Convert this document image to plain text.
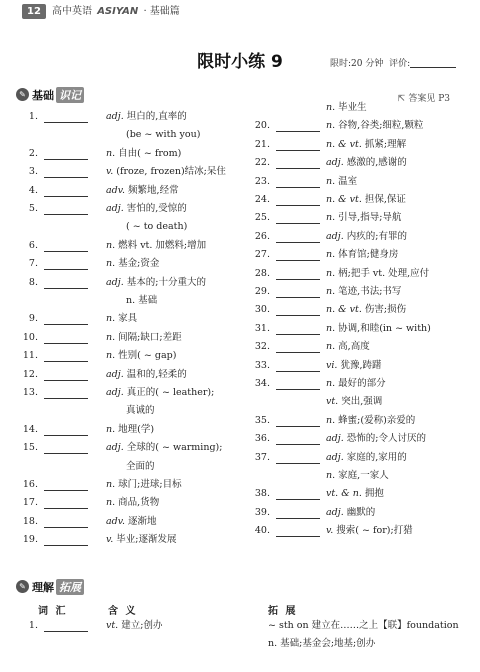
12	高中英语 ASIYAN · 基础篇
限时小练 9	限时:20 分钟 评价:
✎ 基础 识记	⇱ 答案见 P3
1.	adj. 坦白的,直率的
(be ~ with you)
2.	n. 自由( ~ from)
3.	v. (froze, frozen)结冰;呆住
4.	adv. 频繁地,经常
5.	adj. 害怕的,受惊的
( ~ to death)
6.	n. 燃料 vt. 加燃料;增加
7.	n. 基金;资金
8.	adj. 基本的;十分重大的
n. 基础
9.	n. 家具
10.	n. 间隔;缺口;差距
11.	n. 性别( ~ gap)
12.	adj. 温和的,轻柔的
13.	adj. 真正的( ~ leather);
真诚的
14.	n. 地理(学)
15.	adj. 全球的( ~ warming);
全面的
16.	n. 球门;进球;目标
17.	n. 商品,货物
18.	adv. 逐渐地
19.	v. 毕业;逐渐发展
n. 毕业生
20.	n. 谷物,谷类;细粒,颗粒
21.	n. & vt. 抓紧;理解
22.	adj. 感激的,感谢的
23.	n. 温室
24.	n. & vt. 担保,保证
25.	n. 引导,指导;导航
26.	adj. 内疚的;有罪的
27.	n. 体育馆;健身房
28.	n. 柄;把手 vt. 处理,应付
29.	n. 笔迹,书法;书写
30.	n. & vt. 伤害;损伤
31.	n. 协调,和睦(in ~ with)
32.	n. 高,高度
33.	vi. 犹豫,踌躇
34.	n. 最好的部分
vt. 突出,强调
35.	n. 蜂蜜;(爱称)亲爱的
36.	adj. 恐怖的;令人讨厌的
37.	adj. 家庭的,家用的
n. 家庭,一家人
38.	vt. & n. 拥抱
39.	adj. 幽默的
40.	v. 搜索( ~ for);打猎
✎ 理解 拓展
词 汇	含 义	拓 展
1.	vt. 建立;创办	~ sth on 建立在……之上【联】foundation
n. 基础;基金会;地基;创办
